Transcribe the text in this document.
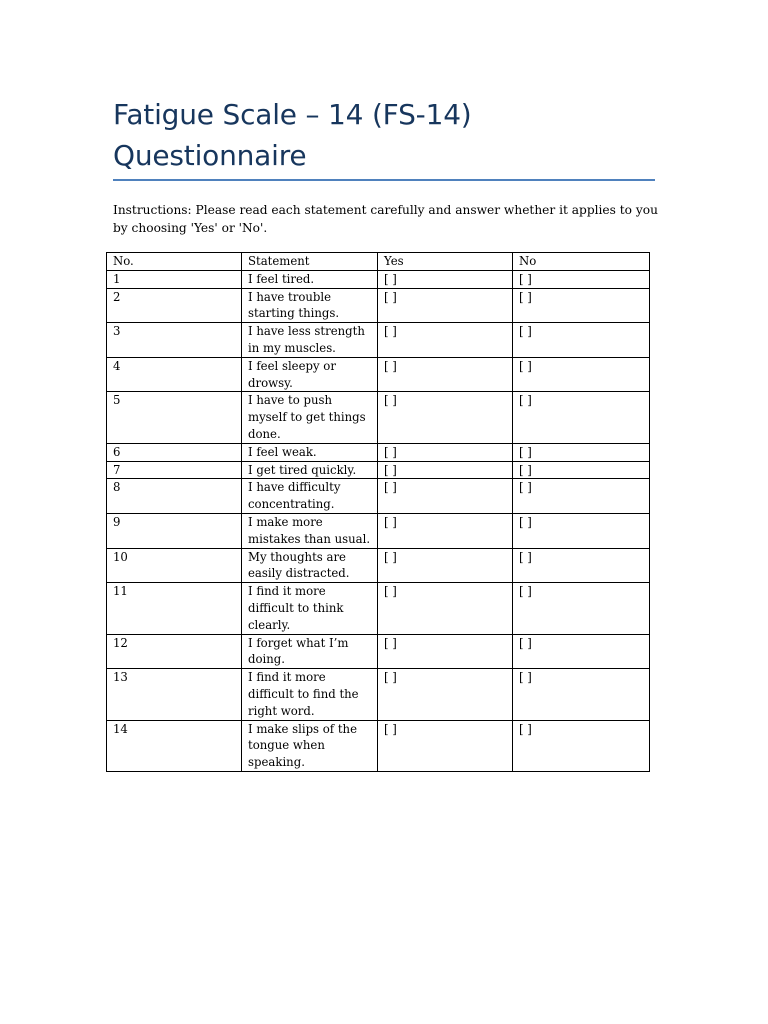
Fatigue Scale – 14 (FS-14)
Questionnaire

Instructions: Please read each statement carefully and answer whether it applies to you by choosing 'Yes' or 'No'.

No.	Statement	Yes	No
1	I feel tired.	[ ]	[ ]
2	I have trouble starting things.	[ ]	[ ]
3	I have less strength in my muscles.	[ ]	[ ]
4	I feel sleepy or drowsy.	[ ]	[ ]
5	I have to push myself to get things done.	[ ]	[ ]
6	I feel weak.	[ ]	[ ]
7	I get tired quickly.	[ ]	[ ]
8	I have difficulty concentrating.	[ ]	[ ]
9	I make more mistakes than usual.	[ ]	[ ]
10	My thoughts are easily distracted.	[ ]	[ ]
11	I find it more difficult to think clearly.	[ ]	[ ]
12	I forget what I’m doing.	[ ]	[ ]
13	I find it more difficult to find the right word.	[ ]	[ ]
14	I make slips of the tongue when speaking.	[ ]	[ ]
